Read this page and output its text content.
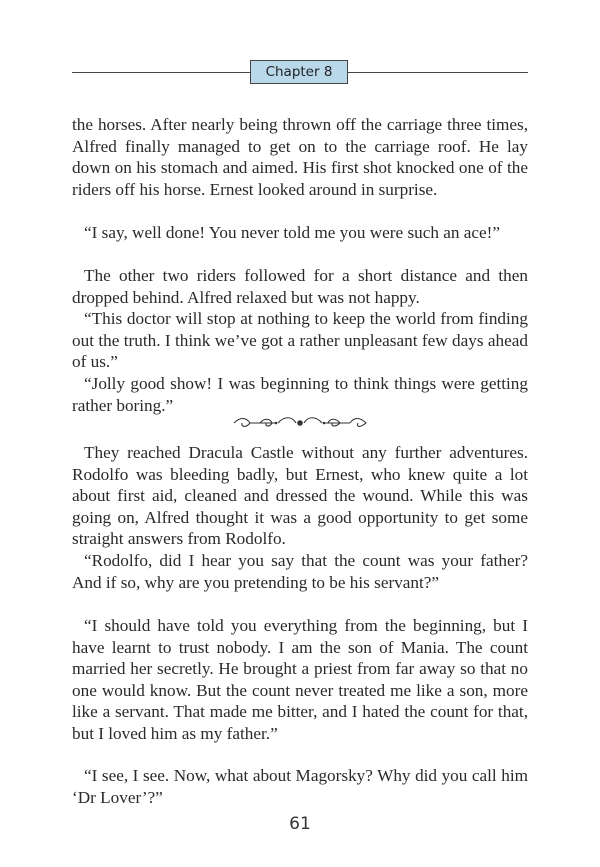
Chapter 8

the horses. After nearly being thrown off the carriage three times, Alfred finally managed to get on to the carriage roof. He lay down on his stomach and aimed. His first shot knocked one of the riders off his horse. Ernest looked around in surprise.

“I say, well done! You never told me you were such an ace!”

The other two riders followed for a short distance and then dropped behind. Alfred relaxed but was not happy.

“This doctor will stop at nothing to keep the world from finding out the truth. I think we’ve got a rather unpleasant few days ahead of us.”

“Jolly good show! I was beginning to think things were getting rather boring.”

They reached Dracula Castle without any further adventures. Rodolfo was bleeding badly, but Ernest, who knew quite a lot about first aid, cleaned and dressed the wound. While this was going on, Alfred thought it was a good opportunity to get some straight answers from Rodolfo.

“Rodolfo, did I hear you say that the count was your father? And if so, why are you pretending to be his servant?”

“I should have told you everything from the beginning, but I have learnt to trust nobody. I am the son of Mania. The count married her secretly. He brought a priest from far away so that no one would know. But the count never treated me like a son, more like a servant. That made me bitter, and I hated the count for that, but I loved him as my father.”

“I see, I see. Now, what about Magorsky? Why did you call him ‘Dr Lover’?”

61
